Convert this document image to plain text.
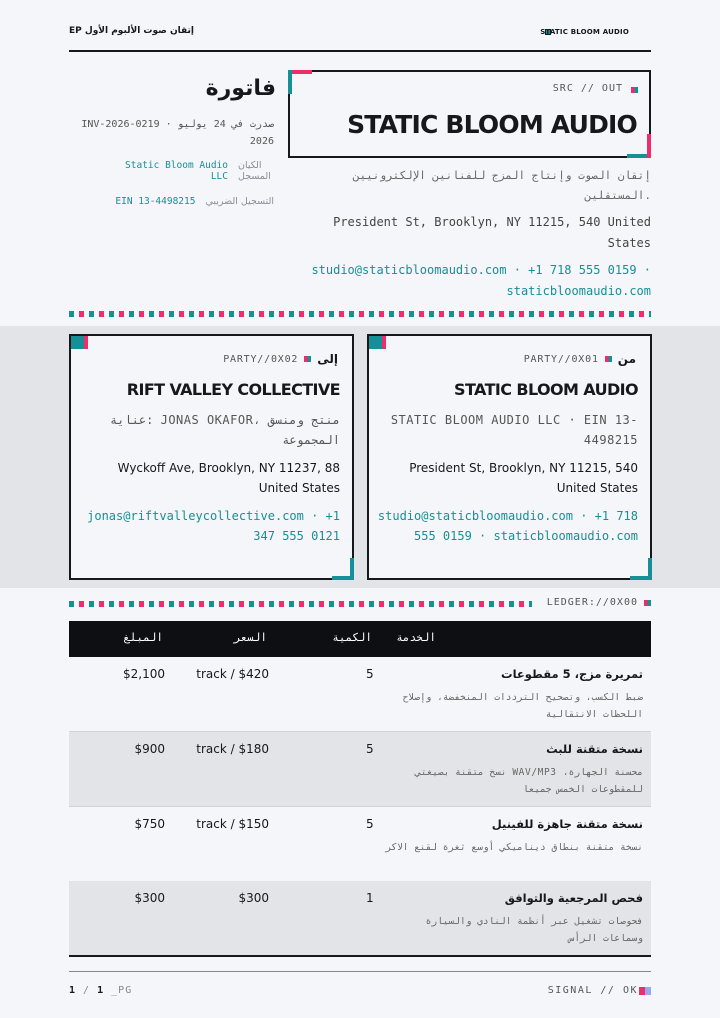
EP إتقان صوت الألبوم الأول	STATIC BLOOM AUDIO
فاتورة
INV-2026-0219 · صدرت في 24 يوليو 2026
الكيان المسجل
Static Bloom Audio LLC
التسجيل الضريبي
EIN 13-4498215
SRC // OUT
STATIC BLOOM AUDIO
إتقان الصوت وإنتاج المزج للفنانين الإلكترونيين المستقلين.
President St, Brooklyn, NY 11215, 540 United States
studio@staticbloomaudio.com · +1 718 555 0159 · staticbloomaudio.com
PARTY//0X02 إلى
RIFT VALLEY COLLECTIVE
عناية: JONAS OKAFOR، منتج ومنسق المجموعة
Wyckoff Ave, Brooklyn, NY 11237, 88 United States
jonas@riftvalleycollective.com · +1 347 555 0121
PARTY//0X01 من
STATIC BLOOM AUDIO
STATIC BLOOM AUDIO LLC · EIN 13-4498215
President St, Brooklyn, NY 11215, 540 United States
studio@staticbloomaudio.com · +1 718 555 0159 · staticbloomaudio.com
LEDGER://0X00
الخدمة
الكمية
السعر
المبلغ
تمريرة مزج، 5 مقطوعات
ضبط الكسب، وتصحيح الترددات المنخفضة، وإصلاح اللحظات الانتقالية
5
track / $420
$2,100
نسخة متقنة للبث
نسخ متقنة بصيغتي WAV/MP3 محسنة الجهارة، للمقطوعات الخمس جميعا
5
track / $180
$900
نسخة متقنة جاهزة للفينيل
نسخة متقنة بنطاق ديناميكي أوسع ثغرة لقنع الاكر
5
track / $150
$750
فحص المرجعية والتوافق
فحوصات تشغيل عبر أنظمة النادي والسيارة وسماعات الرأس
1
$300
$300
1 / 1 _PG	SIGNAL // OK
